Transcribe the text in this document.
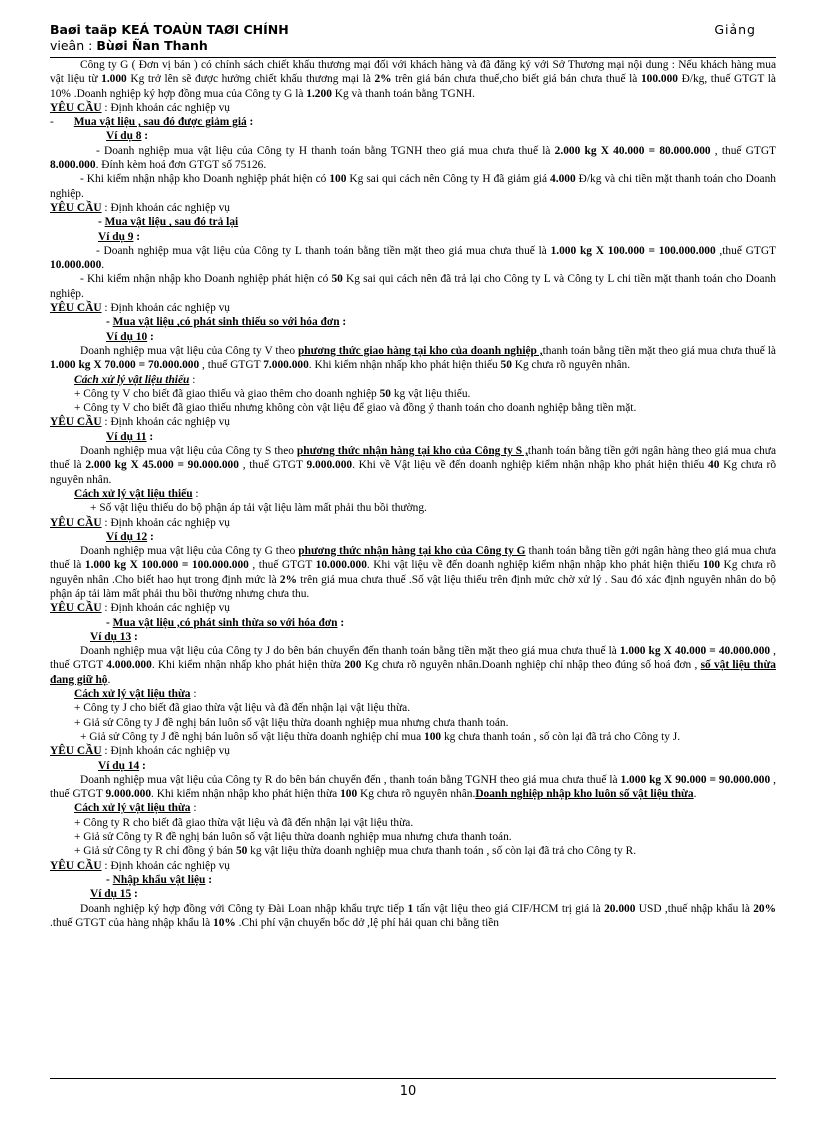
Baøi taäp KEÁ TOAÙN TAØI CHÍNH	Giảng
vieân : Bùøi Ñan Thanh

Công ty G ( Đơn vị bán ) có chính sách chiết khấu thương mại đối với khách hàng và đã đăng ký với Sở Thương mại nội dung : Nếu khách hàng mua vật liệu từ 1.000 Kg trở lên sẽ được hưởng chiết khấu thương mại là 2% trên giá bán chưa thuế,cho biết giá bán chưa thuế là 100.000 Đ/kg, thuế GTGT là 10% .Doanh nghiệp ký hợp đồng mua của Công ty G là 1.200 Kg và thanh toán bằng TGNH.

YÊU CẦU : Định khoản các nghiệp vụ

-       Mua vật liệu , sau đó được giảm giá :

Ví dụ 8 :

- Doanh nghiệp mua vật liệu của Công ty H thanh toán bằng TGNH theo giá mua chưa thuế là 2.000 kg X 40.000 = 80.000.000 , thuế GTGT 8.000.000. Đính kèm hoá đơn GTGT số 75126.

- Khi kiểm nhận nhập kho Doanh nghiệp phát hiện có 100 Kg sai qui cách nên Công ty H đã giảm giá 4.000 Đ/kg và chi tiền mặt thanh toán cho Doanh nghiệp.

YÊU CẦU : Định khoản các nghiệp vụ

- Mua vật liệu , sau đó trả lại

Ví dụ 9 :

- Doanh nghiệp mua vật liệu của Công ty L thanh toán bằng tiền mặt theo giá mua chưa thuế là 1.000 kg X 100.000 = 100.000.000 ,thuế GTGT 10.000.000.

- Khi kiểm nhận nhập kho Doanh nghiệp phát hiện có 50 Kg sai qui cách nên đã trả lại cho Công ty L và Công ty L chi tiền mặt thanh toán cho Doanh nghiệp.

YÊU CẦU : Định khoản các nghiệp vụ

- Mua vật liệu ,có phát sinh thiếu so với hóa đơn :

Ví dụ 10 :

Doanh nghiệp mua vật liệu của Công ty V theo phương thức giao hàng tại kho của doanh nghiệp ,thanh toán bằng tiền mặt theo giá mua chưa thuế là 1.000 kg X 70.000 = 70.000.000 , thuế GTGT 7.000.000. Khi kiểm nhận nhấp kho phát hiện thiếu 50 Kg chưa rõ nguyên nhân.

Cách xử lý vật liệu thiếu :

+ Công ty V cho biết đã giao thiếu và giao thêm cho doanh nghiệp 50 kg vật liệu thiếu.

+ Công ty V cho biết đã giao thiếu nhưng không còn vật liệu để giao và đồng ý thanh toán cho doanh nghiệp bằng tiền mặt.

YÊU CẦU : Định khoản các nghiệp vụ

Ví dụ 11 :

Doanh nghiệp mua vật liệu của Công ty S theo phương thức nhận hàng tại kho của Công ty S ,thanh toán bằng tiền gởi ngân hàng theo giá mua chưa thuế là 2.000 kg X 45.000 = 90.000.000 , thuế GTGT 9.000.000. Khi về Vật liệu về đến doanh nghiệp kiểm nhận nhập kho phát hiện thiếu 40 Kg chưa rõ nguyên nhân.

Cách xử lý vật liệu thiếu :

+ Số vật liệu thiếu do bộ phận áp tải vật liệu làm mất phải thu bồi thường.

YÊU CẦU : Định khoản các nghiệp vụ

Ví dụ 12 :

Doanh nghiệp mua vật liệu của Công ty G theo phương thức nhận hàng tại kho của Công ty G thanh toán bằng tiền gởi ngân hàng theo giá mua chưa thuế là 1.000 kg X 100.000 = 100.000.000 , thuế GTGT 10.000.000. Khi vật liệu về đến doanh nghiệp kiểm nhận nhập kho phát hiện thiếu 100 Kg chưa rõ nguyên nhân .Cho biết hao hụt trong định mức là 2% trên giá mua chưa thuế .Số vật liệu thiếu trên định mức chờ xử lý . Sau đó xác định nguyên nhân do bộ phận áp tải làm mất phải thu bồi thường nhưng chưa thu.

YÊU CẦU : Định khoản các nghiệp vụ

- Mua vật liệu ,có phát sinh thừa so với hóa đơn :

Ví dụ 13 :

Doanh nghiệp mua vật liệu của Công ty J do bên bán chuyển đến thanh toán bằng tiền mặt theo giá mua chưa thuế là 1.000 kg X 40.000 = 40.000.000 , thuế GTGT 4.000.000. Khi kiểm nhận nhấp kho phát hiện thừa 200 Kg chưa rõ nguyên nhân.Doanh nghiệp chỉ nhập theo đúng số hoá đơn , số vật liệu thừa đang giữ hộ.

Cách xử lý vật liệu thừa :

+ Công ty J cho biết đã giao thừa vật liệu và đã đến nhận lại vật liệu thừa.

+ Giả sử Công ty J đề nghị bán luôn số vật liệu thừa doanh nghiệp mua nhưng chưa thanh toán.

+ Giả sử Công ty J đề nghị bán luôn số vật liệu thừa doanh nghiệp chỉ mua 100 kg chưa thanh toán , số còn lại đã trả cho Công ty J.

YÊU CẦU : Định khoản các nghiệp vụ

Ví dụ 14 :

Doanh nghiệp mua vật liệu của Công ty R do bên bán chuyển đến , thanh toán bằng TGNH theo giá mua chưa thuế là 1.000 kg X 90.000 = 90.000.000 , thuế GTGT 9.000.000. Khi kiểm nhận nhập kho phát hiện thừa 100 Kg chưa rõ nguyên nhân.Doanh nghiệp nhập kho luôn số vật liệu thừa.

Cách xử lý vật liệu thừa :

+ Công ty R cho biết đã giao thừa vật liệu và đã đến nhận lại vật liệu thừa.

+ Giả sử Công ty R đề nghị bán luôn số vật liệu thừa doanh nghiệp mua nhưng chưa thanh toán.

+ Giả sử Công ty R chỉ đồng ý bán 50 kg vật liệu thừa doanh nghiệp mua chưa thanh toán , số còn lại đã trả cho Công ty R.

YÊU CẦU : Định khoản các nghiệp vụ

- Nhập khẩu vật liệu :

Ví dụ 15 :

Doanh nghiệp ký hợp đồng với Công ty Đài Loan nhập khẩu trực tiếp 1 tấn vật liệu theo giá CIF/HCM trị giá là 20.000 USD ,thuế nhập khẩu là 20% .thuế GTGT của hàng nhập khẩu là 10% .Chi phí vận chuyển bốc dở ,lệ phí hải quan chi bằng tiền

10
